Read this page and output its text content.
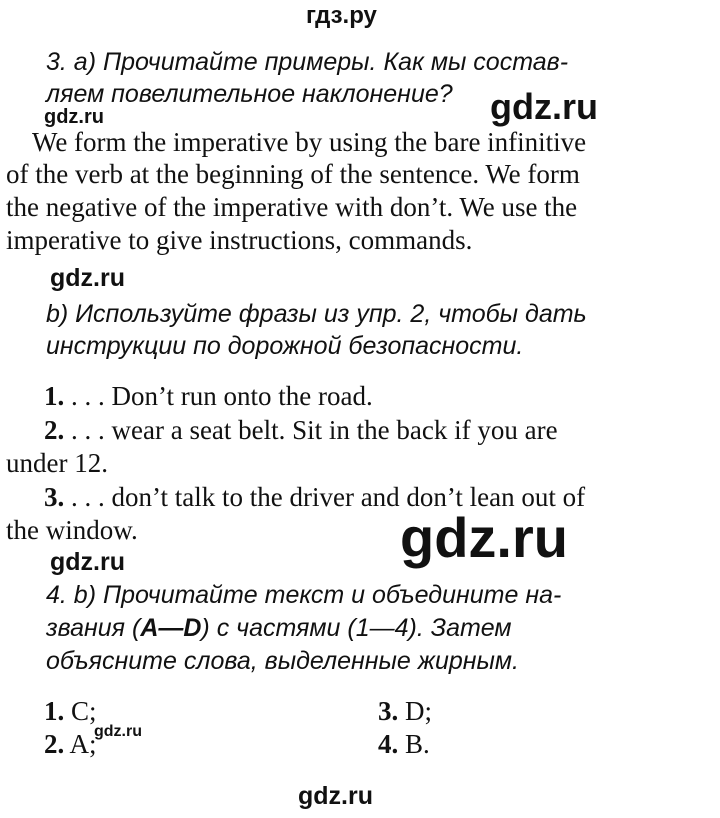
гдз.ру
gdz.ru
gdz.ru
gdz.ru
gdz.ru
gdz.ru
gdz.ru
gdz.ru
3. a) Прочитайте примеры. Как мы состав-
ляем повелительное наклонение?
We form the imperative by using the bare infinitive
of the verb at the beginning of the sentence. We form
the negative of the imperative with don’t. We use the
imperative to give instructions, commands.
b) Используйте фразы из упр. 2, чтобы дать
инструкции по дорожной безопасности.
1. . . . Don’t run onto the road.
2. . . . wear a seat belt. Sit in the back if you are
under 12.
3. . . . don’t talk to the driver and don’t lean out of
the window.
4. b) Прочитайте текст и объедините на-
звания (A—D) с частями (1—4). Затем
объясните слова, выделенные жирным.
1. C;
2. A;
3. D;
4. B.
